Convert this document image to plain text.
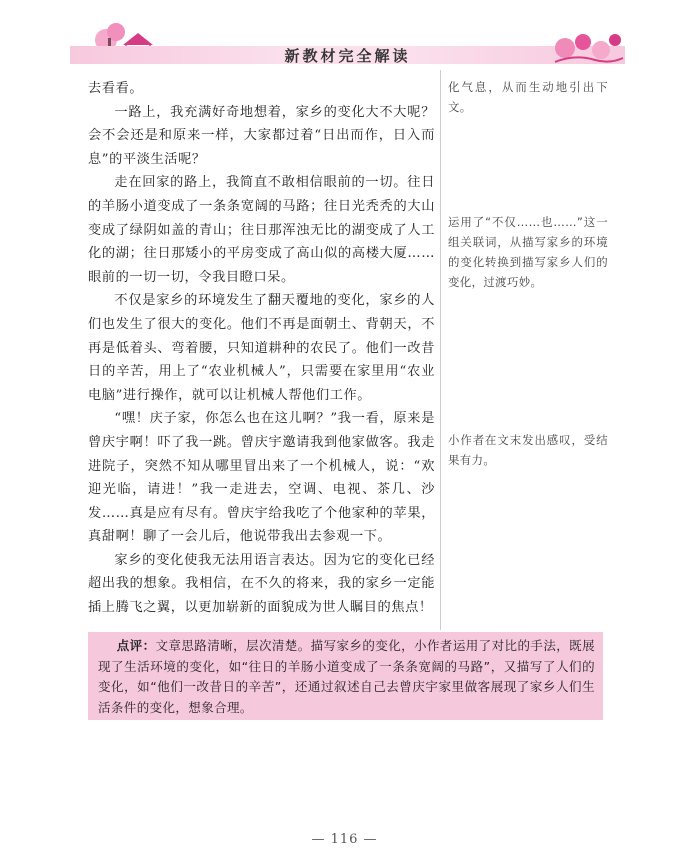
新教材完全解读

去看看。

一路上，我充满好奇地想着，家乡的变化大不大呢？会不会还是和原来一样，大家都过着“日出而作，日入而息”的平淡生活呢？

走在回家的路上，我简直不敢相信眼前的一切。往日的羊肠小道变成了一条条宽阔的马路；往日光秃秃的大山变成了绿阴如盖的青山；往日那浑浊无比的湖变成了人工化的湖；往日那矮小的平房变成了高山似的高楼大厦……眼前的一切一切，令我目瞪口呆。

不仅是家乡的环境发生了翻天覆地的变化，家乡的人们也发生了很大的变化。他们不再是面朝土、背朝天，不再是低着头、弯着腰，只知道耕种的农民了。他们一改昔日的辛苦，用上了“农业机械人”，只需要在家里用“农业电脑”进行操作，就可以让机械人帮他们工作。

“嘿！庆子家，你怎么也在这儿啊？”我一看，原来是曾庆宇啊！吓了我一跳。曾庆宇邀请我到他家做客。我走进院子，突然不知从哪里冒出来了一个机械人，说：“欢迎光临，请进！”我一走进去，空调、电视、茶几、沙发……真是应有尽有。曾庆宇给我吃了个他家种的苹果，真甜啊！聊了一会儿后，他说带我出去参观一下。

家乡的变化使我无法用语言表达。因为它的变化已经超出我的想象。我相信，在不久的将来，我的家乡一定能插上腾飞之翼，以更加崭新的面貌成为世人瞩目的焦点！

化气息，从而生动地引出下文。
运用了“不仅……也……”这一组关联词，从描写家乡的环境的变化转换到描写家乡人们的变化，过渡巧妙。
小作者在文末发出感叹，受结果有力。
点评：文章思路清晰，层次清楚。描写家乡的变化，小作者运用了对比的手法，既展现了生活环境的变化，如“往日的羊肠小道变成了一条条宽阔的马路”，又描写了人们的变化，如“他们一改昔日的辛苦”，还通过叙述自己去曾庆宇家里做客展现了家乡人们生活条件的变化，想象合理。
— 116 —
